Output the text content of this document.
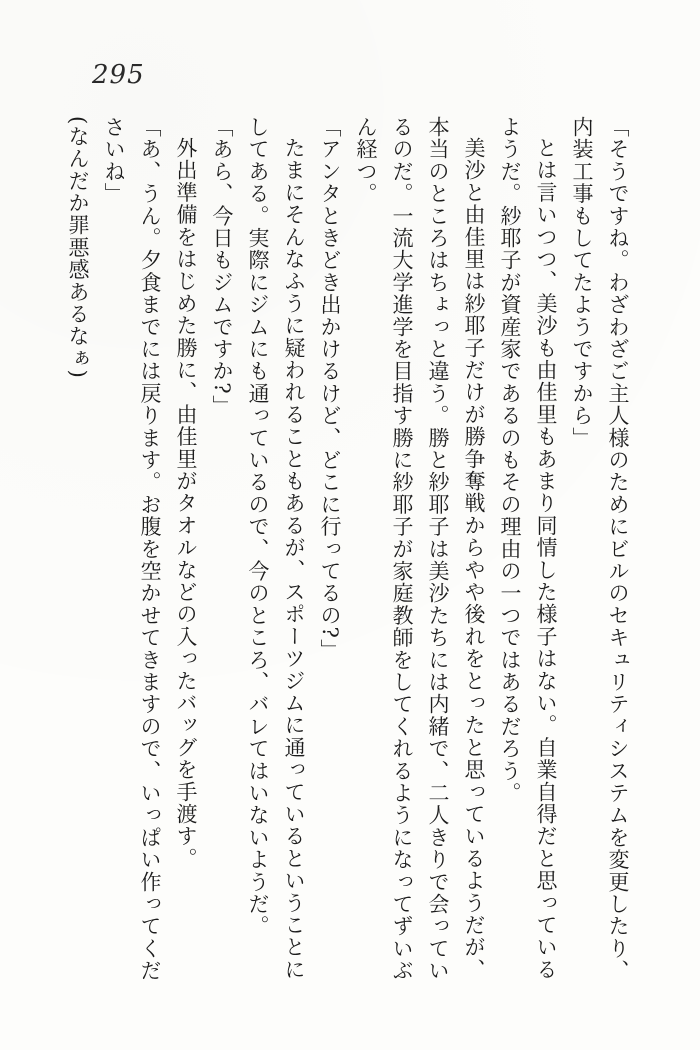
295

「そうですね。わざわざご主人様のためにビルのセキュリティシステムを変更したり、内装工事もしてたようですから」

とは言いつつ、美沙も由佳里もあまり同情した様子はない。自業自得だと思っているようだ。紗耶子が資産家であるのもその理由の一つではあるだろう。

美沙と由佳里は紗耶子だけが勝争奪戦からやや後れをとったと思っているようだが、本当のところはちょっと違う。勝と紗耶子は美沙たちには内緒で、二人きりで会っているのだ。一流大学進学を目指す勝に紗耶子が家庭教師をしてくれるようになってずいぶん経つ。

「アンタときどき出かけるけど、どこに行ってるの?」

たまにそんなふうに疑われることもあるが、スポーツジムに通っているということにしてある。実際にジムにも通っているので、今のところ、バレてはいないようだ。

「あら、今日もジムですか?」

外出準備をはじめた勝に、由佳里がタオルなどの入ったバッグを手渡す。

「あ、うん。夕食までには戻ります。お腹を空かせてきますので、いっぱい作ってくださいね」

(なんだか罪悪感あるなぁ)
